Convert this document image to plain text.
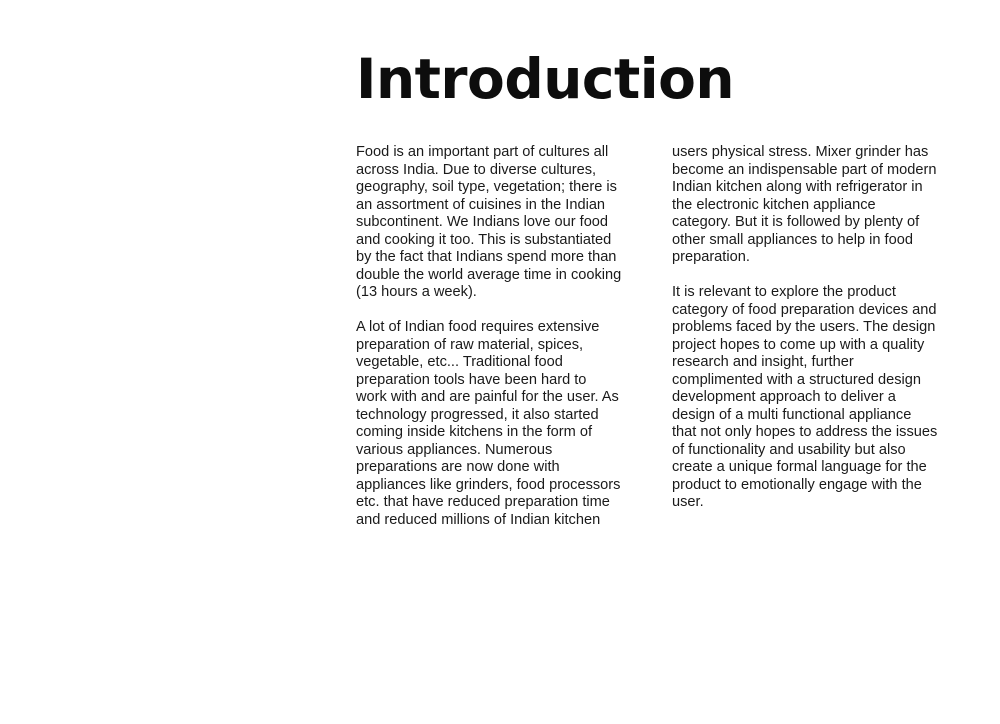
Introduction

Food is an important part of cultures all
across India. Due to diverse cultures,
geography, soil type, vegetation; there is
an assortment of cuisines in the Indian
subcontinent. We Indians love our food
and cooking it too. This is substantiated
by the fact that Indians spend more than
double the world average time in cooking
(13 hours a week).

A lot of Indian food requires extensive
preparation of raw material, spices,
vegetable, etc... Traditional food
preparation tools have been hard to
work with and are painful for the user. As
technology progressed, it also started
coming inside kitchens in the form of
various appliances. Numerous
preparations are now done with
appliances like grinders, food processors
etc. that have reduced preparation time
and reduced millions of Indian kitchen

users physical stress. Mixer grinder has
become an indispensable part of modern
Indian kitchen along with refrigerator in
the electronic kitchen appliance
category. But it is followed by plenty of
other small appliances to help in food
preparation.

It is relevant to explore the product
category of food preparation devices and
problems faced by the users. The design
project hopes to come up with a quality
research and insight, further
complimented with a structured design
development approach to deliver a
design of a multi functional appliance
that not only hopes to address the issues
of functionality and usability but also
create a unique formal language for the
product to emotionally engage with the
user.
